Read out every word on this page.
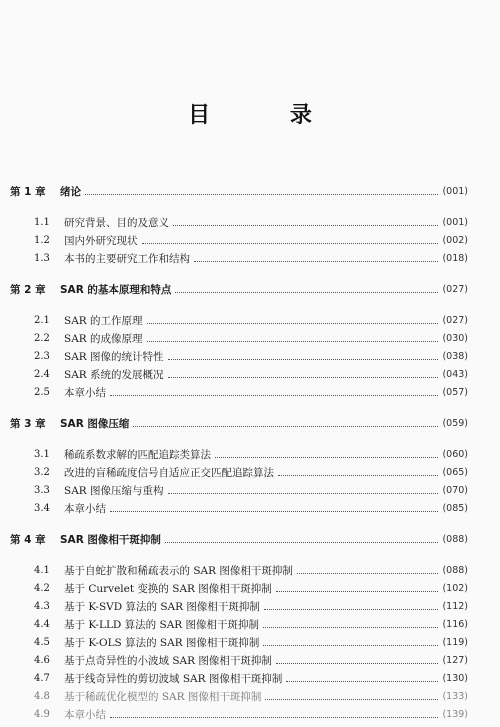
目 录
第 1 章	绪论	(001)
1.1	研究背景、目的及意义	(001)
1.2	国内外研究现状	(002)
1.3	本书的主要研究工作和结构	(018)
第 2 章	SAR 的基本原理和特点	(027)
2.1	SAR 的工作原理	(027)
2.2	SAR 的成像原理	(030)
2.3	SAR 图像的统计特性	(038)
2.4	SAR 系统的发展概况	(043)
2.5	本章小结	(057)
第 3 章	SAR 图像压缩	(059)
3.1	稀疏系数求解的匹配追踪类算法	(060)
3.2	改进的盲稀疏度信号自适应正交匹配追踪算法	(065)
3.3	SAR 图像压缩与重构	(070)
3.4	本章小结	(085)
第 4 章	SAR 图像相干斑抑制	(088)
4.1	基于自蛇扩散和稀疏表示的 SAR 图像相干斑抑制	(088)
4.2	基于 Curvelet 变换的 SAR 图像相干斑抑制	(102)
4.3	基于 K-SVD 算法的 SAR 图像相干斑抑制	(112)
4.4	基于 K-LLD 算法的 SAR 图像相干斑抑制	(116)
4.5	基于 K-OLS 算法的 SAR 图像相干斑抑制	(119)
4.6	基于点奇异性的小波域 SAR 图像相干斑抑制	(127)
4.7	基于线奇异性的剪切波域 SAR 图像相干斑抑制	(130)
4.8	基于稀疏优化模型的 SAR 图像相干斑抑制	(133)
4.9	本章小结	(139)
